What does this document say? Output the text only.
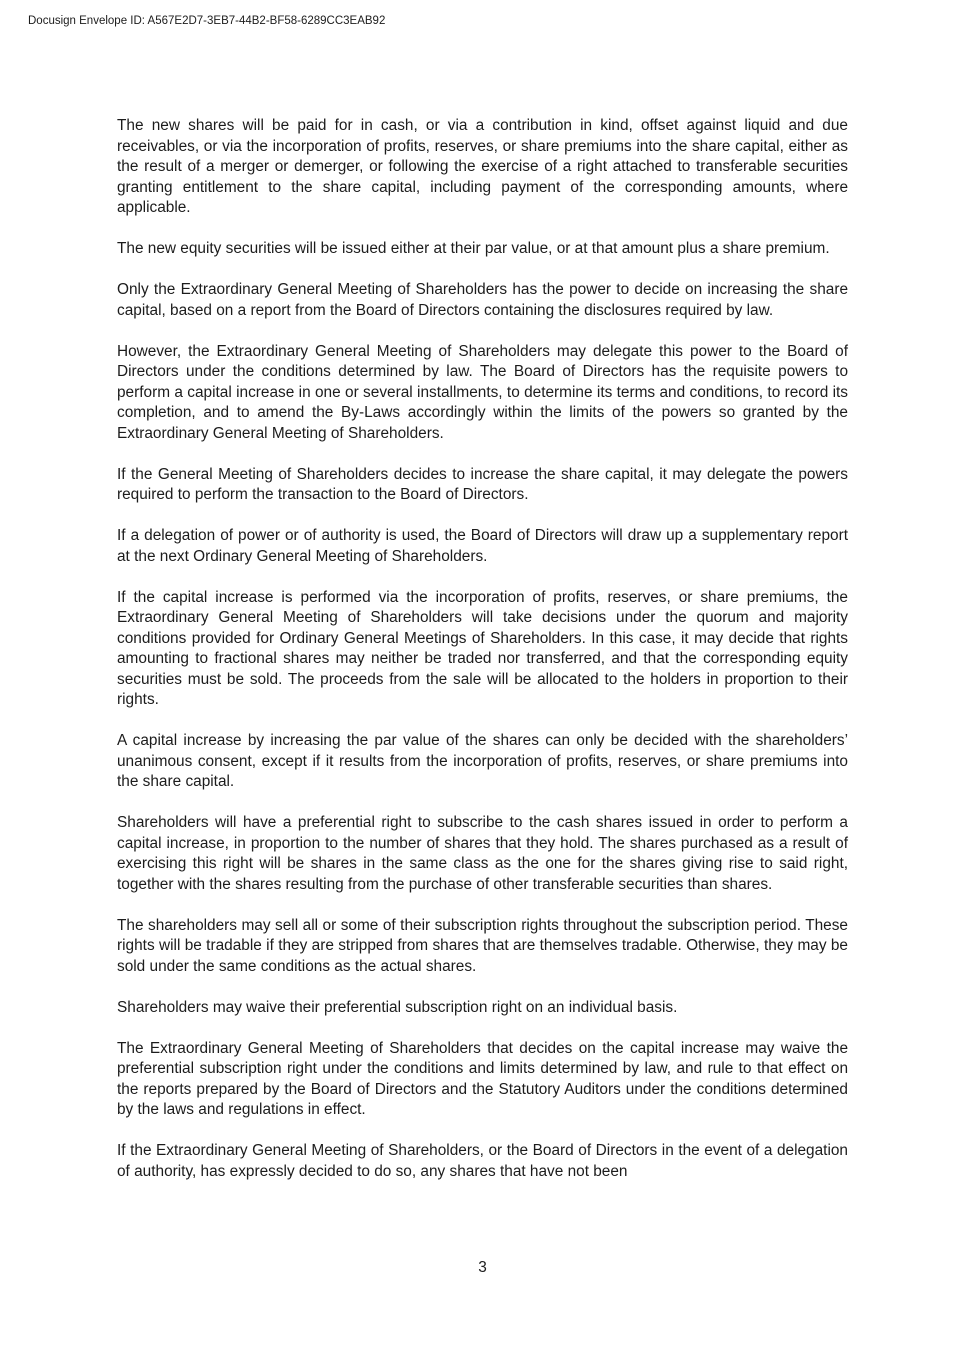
Docusign Envelope ID: A567E2D7-3EB7-44B2-BF58-6289CC3EAB92

The new shares will be paid for in cash, or via a contribution in kind, offset against liquid and due receivables, or via the incorporation of profits, reserves, or share premiums into the share capital, either as the result of a merger or demerger, or following the exercise of a right attached to transferable securities granting entitlement to the share capital, including payment of the corresponding amounts, where applicable.

The new equity securities will be issued either at their par value, or at that amount plus a share premium.

Only the Extraordinary General Meeting of Shareholders has the power to decide on increasing the share capital, based on a report from the Board of Directors containing the disclosures required by law.

However, the Extraordinary General Meeting of Shareholders may delegate this power to the Board of Directors under the conditions determined by law. The Board of Directors has the requisite powers to perform a capital increase in one or several installments, to determine its terms and conditions, to record its completion, and to amend the By-Laws accordingly within the limits of the powers so granted by the Extraordinary General Meeting of Shareholders.

If the General Meeting of Shareholders decides to increase the share capital, it may delegate the powers required to perform the transaction to the Board of Directors.

If a delegation of power or of authority is used, the Board of Directors will draw up a supplementary report at the next Ordinary General Meeting of Shareholders.

If the capital increase is performed via the incorporation of profits, reserves, or share premiums, the Extraordinary General Meeting of Shareholders will take decisions under the quorum and majority conditions provided for Ordinary General Meetings of Shareholders. In this case, it may decide that rights amounting to fractional shares may neither be traded nor transferred, and that the corresponding equity securities must be sold. The proceeds from the sale will be allocated to the holders in proportion to their rights.

A capital increase by increasing the par value of the shares can only be decided with the shareholders’ unanimous consent, except if it results from the incorporation of profits, reserves, or share premiums into the share capital.

Shareholders will have a preferential right to subscribe to the cash shares issued in order to perform a capital increase, in proportion to the number of shares that they hold. The shares purchased as a result of exercising this right will be shares in the same class as the one for the shares giving rise to said right, together with the shares resulting from the purchase of other transferable securities than shares.

The shareholders may sell all or some of their subscription rights throughout the subscription period. These rights will be tradable if they are stripped from shares that are themselves tradable. Otherwise, they may be sold under the same conditions as the actual shares.

Shareholders may waive their preferential subscription right on an individual basis.

The Extraordinary General Meeting of Shareholders that decides on the capital increase may waive the preferential subscription right under the conditions and limits determined by law, and rule to that effect on the reports prepared by the Board of Directors and the Statutory Auditors under the conditions determined by the laws and regulations in effect.

If the Extraordinary General Meeting of Shareholders, or the Board of Directors in the event of a delegation of authority, has expressly decided to do so, any shares that have not been

3
